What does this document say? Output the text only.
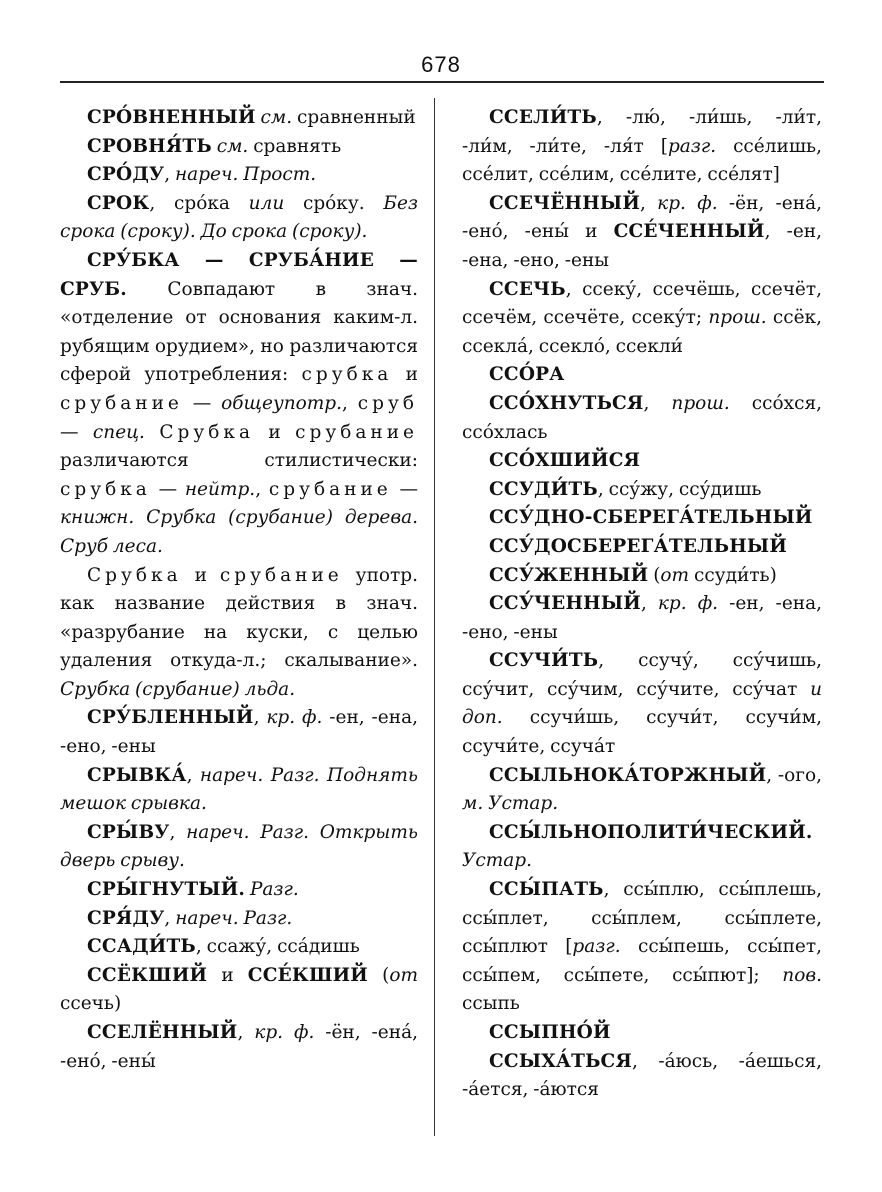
678

СРО́ВНЕННЫЙ см. сравненный

СРОВНЯ́ТЬ см. сравнять

СРО́ДУ, нареч. Прост.

СРОК, сро́ка или сро́ку. Без срока (сроку). До срока (сроку).

СРУ́БКА — СРУБА́НИЕ — СРУБ. Совпадают в знач. «отделение от основания каким-л. рубящим орудием», но различаются сферой употребления: срубка и срубание — общеупотр., сруб — спец. Срубка и срубание различаются стилистически: срубка — нейтр., срубание — книжн. Срубка (срубание) дерева. Сруб леса.

Срубка и срубание употр. как название действия в знач. «разрубание на куски, с целью удаления откуда-л.; скалывание». Срубка (срубание) льда.

СРУ́БЛЕННЫЙ, кр. ф. -ен, -ена, -ено, -ены

СРЫВКА́, нареч. Разг. Поднять мешок срывка.

СРЫ́ВУ, нареч. Разг. Открыть дверь срыву.

СРЫ́ГНУТЫЙ. Разг.

СРЯ́ДУ, нареч. Разг.

ССАДИ́ТЬ, ссажу́, сса́дишь

ССЁКШИЙ и ССЕ́КШИЙ (от ссечь)

ССЕЛЁННЫЙ, кр. ф. -ён, -ена́, -ено́, -ены́

ССЕЛИ́ТЬ, -лю́, -ли́шь, -ли́т, -ли́м, -ли́те, -ля́т [разг. ссе́лишь, ссе́лит, ссе́лим, ссе́лите, ссе́лят]

ССЕЧЁННЫЙ, кр. ф. -ён, -ена́, -ено́, -ены́ и ССЕ́ЧЕННЫЙ, -ен, -ена, -ено, -ены

ССЕЧЬ, ссеку́, ссечёшь, ссечёт, ссечём, ссечёте, ссеку́т; прош. ссёк, ссекла́, ссекло́, ссекли́

ССО́РА

ССО́ХНУТЬСЯ, прош. ссо́хся, ссо́хлась

ССО́ХШИЙСЯ

ССУДИ́ТЬ, ссу́жу, ссу́дишь

ССУ́ДНО-СБЕРЕГА́ТЕЛЬНЫЙ

ССУ́ДОСБЕРЕГА́ТЕЛЬНЫЙ

ССУ́ЖЕННЫЙ (от ссуди́ть)

ССУ́ЧЕННЫЙ, кр. ф. -ен, -ена, -ено, -ены

ССУЧИ́ТЬ, ссучу́, ссу́чишь, ссу́чит, ссу́чим, ссу́чите, ссу́чат и доп. ссучи́шь, ссучи́т, ссучи́м, ссучи́те, ссуча́т

ССЫЛЬНОКА́ТОРЖНЫЙ, -ого, м. Устар.

ССЫ́ЛЬНОПОЛИТИ́ЧЕСКИЙ. Устар.

ССЫ́ПАТЬ, ссы́плю, ссы́плешь, ссы́плет, ссы́плем, ссы́плете, ссы́плют [разг. ссы́пешь, ссы́пет, ссы́пем, ссы́пете, ссы́пют]; пов. ссыпь

ССЫПНО́Й

ССЫХА́ТЬСЯ, -а́юсь, -а́ешься, -а́ется, -а́ются
